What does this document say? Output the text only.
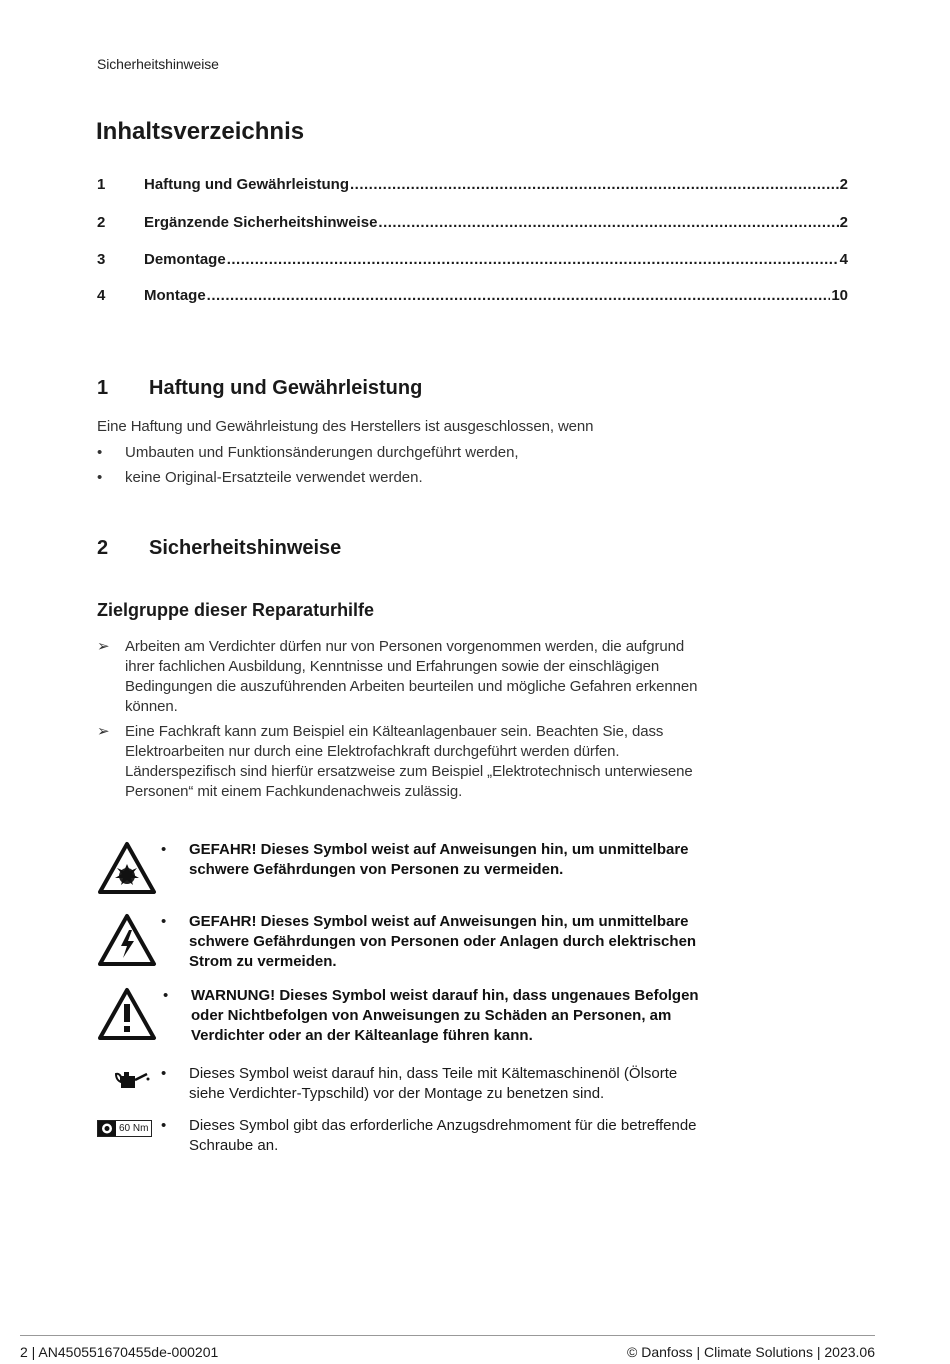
Sicherheitshinweise
Inhaltsverzeichnis
1	Haftung und Gewährleistung .....	2
2	Ergänzende Sicherheitshinweise .....	2
3	Demontage .....	4
4	Montage .....	10
1	Haftung und Gewährleistung
Eine Haftung und Gewährleistung des Herstellers ist ausgeschlossen, wenn
•	Umbauten und Funktionsänderungen durchgeführt werden,
•	keine Original-Ersatzteile verwendet werden.
2	Sicherheitshinweise
Zielgruppe dieser Reparaturhilfe
➢	Arbeiten am Verdichter dürfen nur von Personen vorgenommen werden, die aufgrund ihrer fachlichen Ausbildung, Kenntnisse und Erfahrungen sowie der einschlägigen Bedingungen die auszuführenden Arbeiten beurteilen und mögliche Gefahren erkennen können.
➢	Eine Fachkraft kann zum Beispiel ein Kälteanlagenbauer sein. Beachten Sie, dass Elektroarbeiten nur durch eine Elektrofachkraft durchgeführt werden dürfen. Länderspezifisch sind hierfür ersatzweise zum Beispiel „Elektrotechnisch unterwiesene Personen“ mit einem Fachkundenachweis zulässig.
•	GEFAHR! Dieses Symbol weist auf Anweisungen hin, um unmittelbare schwere Gefährdungen von Personen zu vermeiden.
•	GEFAHR! Dieses Symbol weist auf Anweisungen hin, um unmittelbare schwere Gefährdungen von Personen oder Anlagen durch elektrischen Strom zu vermeiden.
•	WARNUNG! Dieses Symbol weist darauf hin, dass ungenaues Befolgen oder Nichtbefolgen von Anweisungen zu Schäden an Personen, am Verdichter oder an der Kälteanlage führen kann.
•	Dieses Symbol weist darauf hin, dass Teile mit Kältemaschinenöl (Ölsorte siehe Verdichter-Typschild) vor der Montage zu benetzen sind.
60 Nm •	Dieses Symbol gibt das erforderliche Anzugsdrehmoment für die betreffende Schraube an.
2 | AN450551670455de-000201	© Danfoss | Climate Solutions | 2023.06
